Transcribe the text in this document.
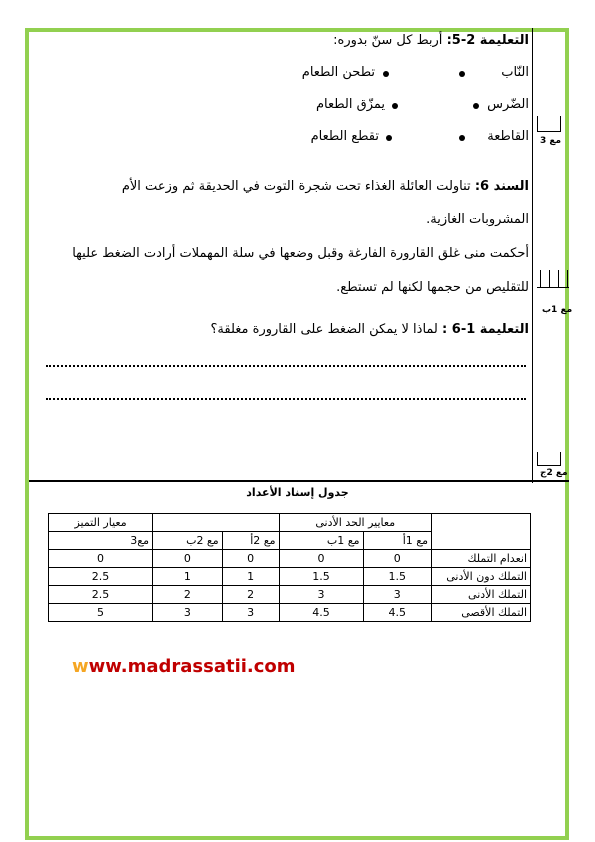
التعليمة 2-5: أربط كل سنّ بدوره:
النّاب
تطحن الطعام
الضّرس
يمزّق الطعام
القاطعة
تقطع الطعام
السند 6: تناولت العائلة الغذاء تحت شجرة التوت في الحديقة ثم وزعت الأم
المشروبات الغازية.
أحكمت منى غلق القارورة الفارغة وقبل وضعها في سلة المهملات أرادت الضغط عليها
للتقليص من حجمها لكنها لم تستطع.
التعليمة 1-6 : لماذا لا يمكن الضغط على القارورة مغلقة؟
مع 3
مع 1ب
مع 2ج
جدول إسناد الأعداد
	معايير الحد الأدنى				معيار التميز
	مع 1أ	مع 1ب	مع 2أ	مع 2ب	مع3
انعدام التملك	0	0	0	0	0
التملك دون الأدنى	1.5	1.5	1	1	2.5
التملك الأدنى	3	3	2	2	2.5
التملك الأقصى	4.5	4.5	3	3	5
www.madrassatii.com
